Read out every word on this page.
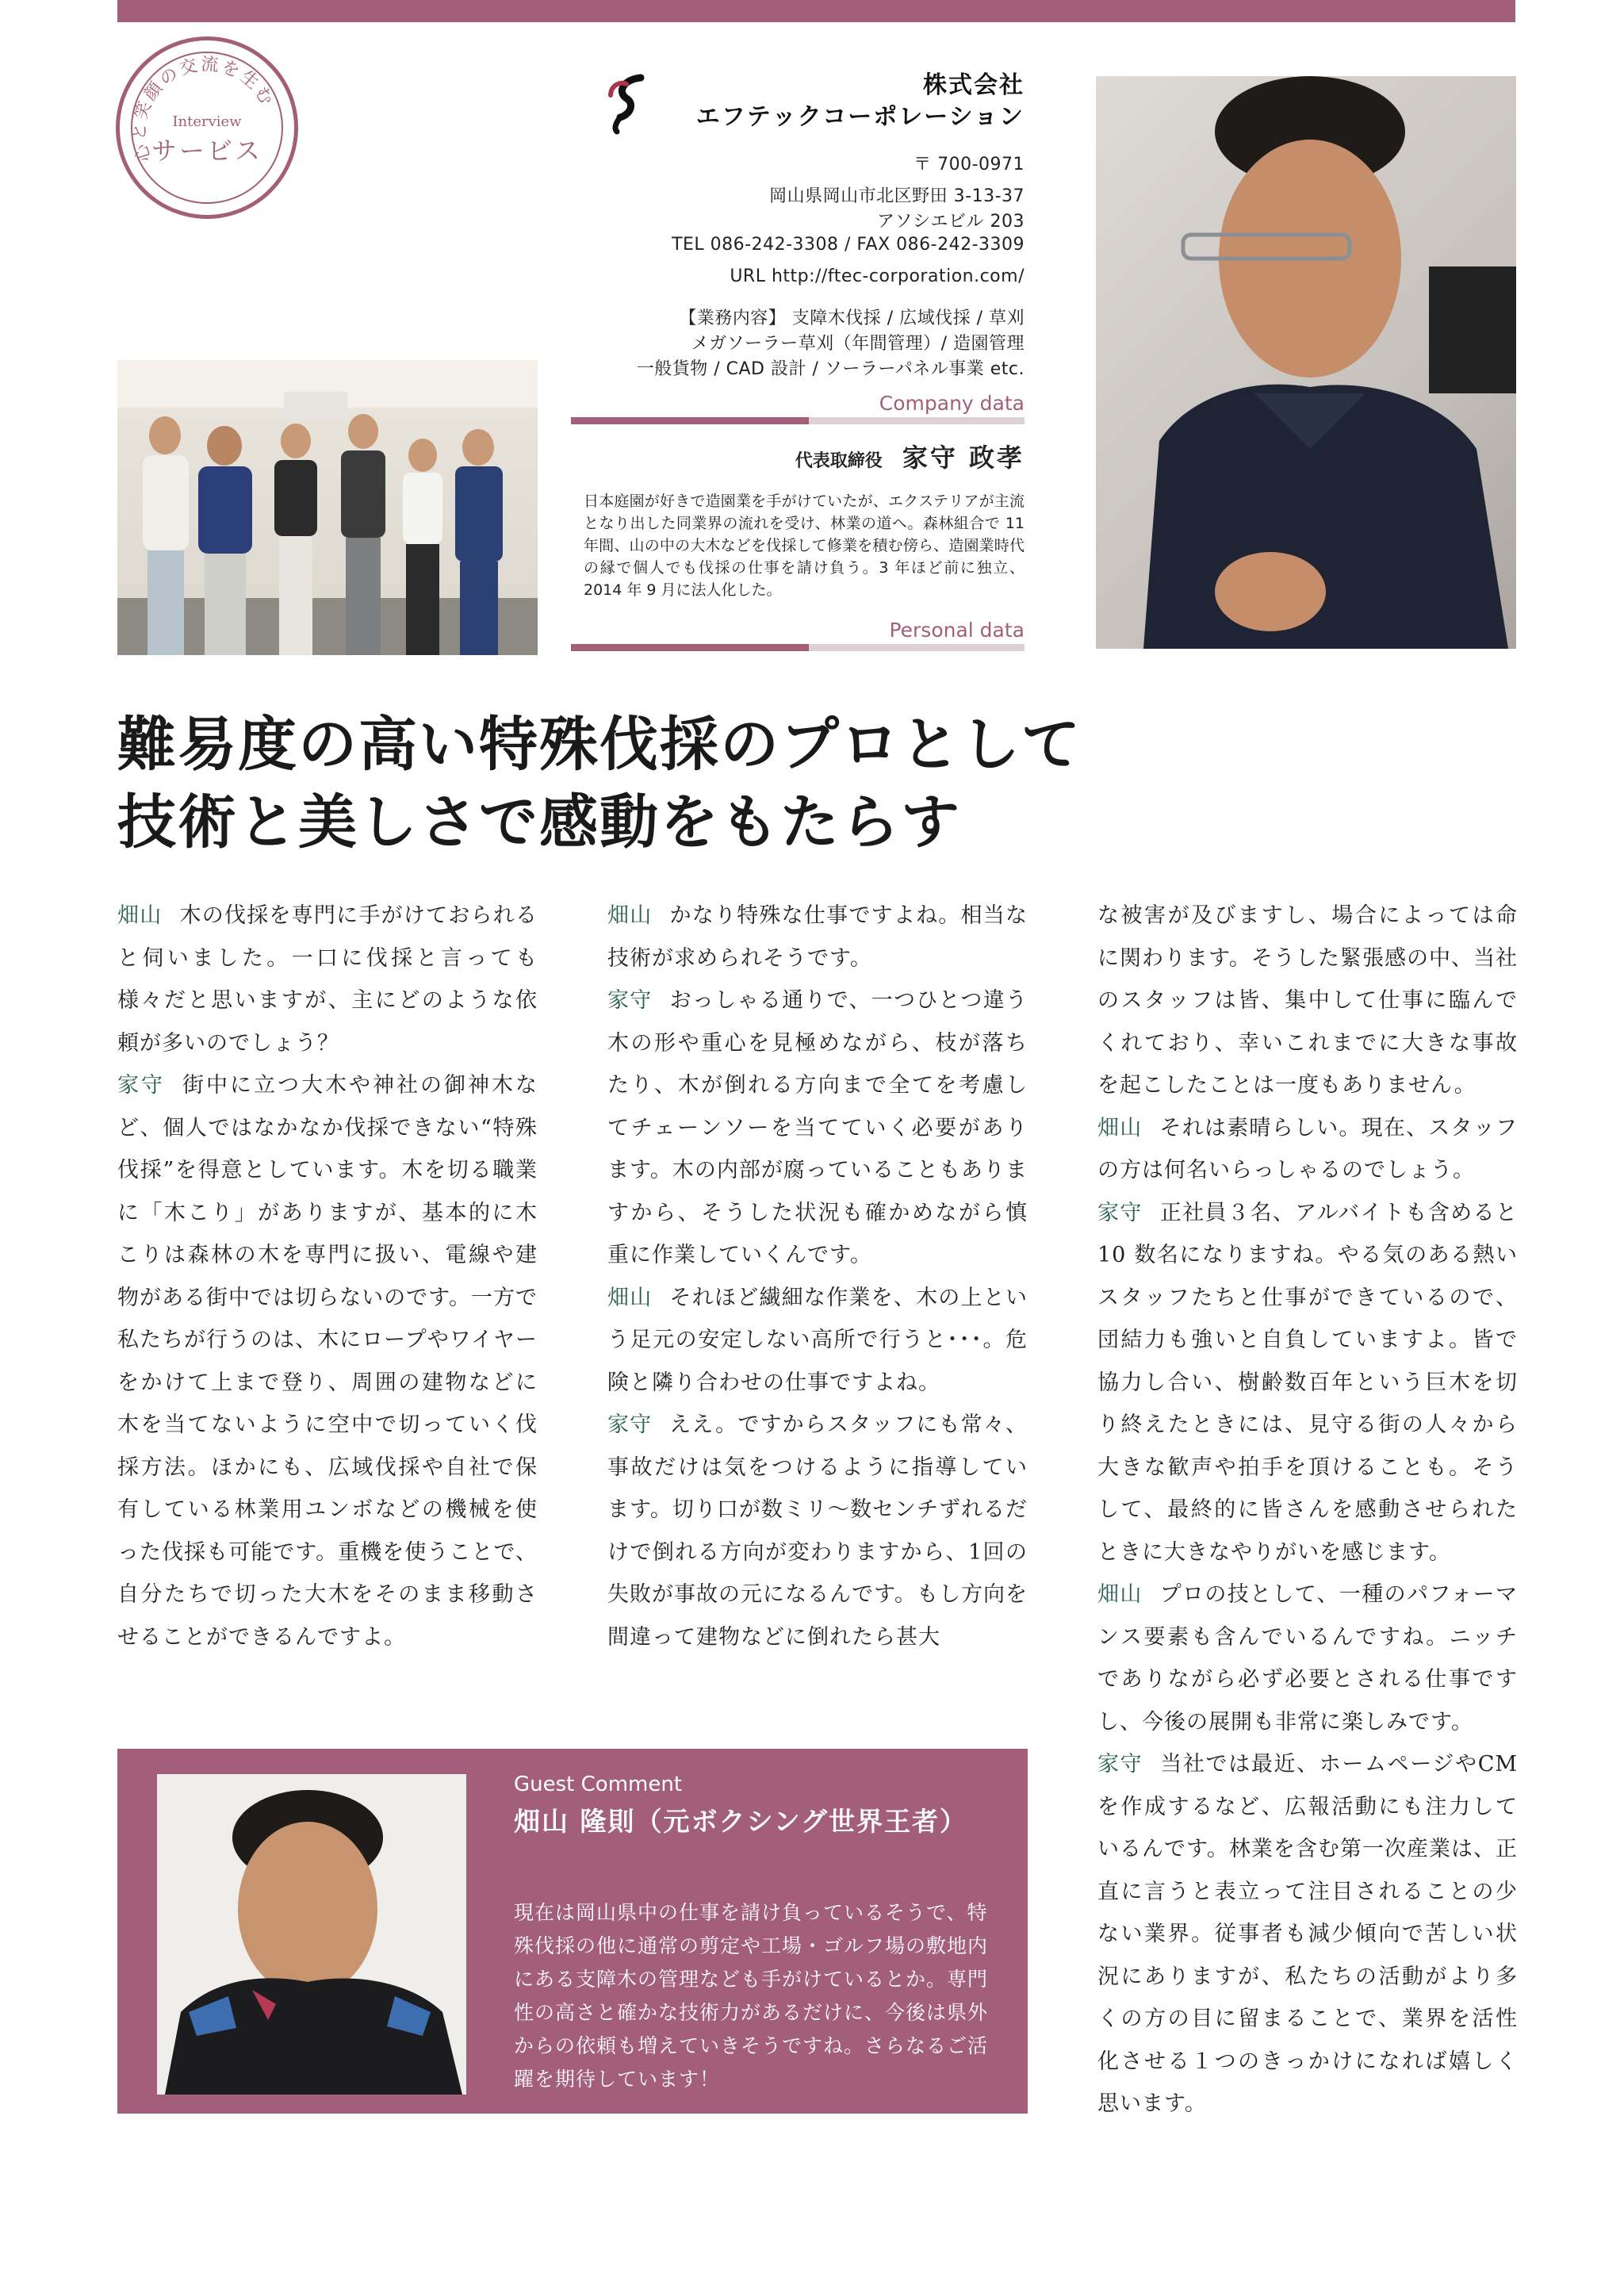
心と笑顔の交流を生む
Interview
サービス
株式会社
エフテックコーポレーション
〒 700-0971
岡山県岡山市北区野田 3-13-37
アソシエビル 203
TEL 086-242-3308 / FAX 086-242-3309
URL http://ftec-corporation.com/
【業務内容】 支障木伐採 / 広域伐採 / 草刈
メガソーラー草刈（年間管理）/ 造園管理
一般貨物 / CAD 設計 / ソーラーパネル事業 etc.
Company data
代表取締役 家守 政孝
日本庭園が好きで造園業を手がけていたが、エクステリアが主流となり出した同業界の流れを受け、林業の道へ。森林組合で 11 年間、山の中の大木などを伐採して修業を積む傍ら、造園業時代の縁で個人でも伐採の仕事を請け負う。3 年ほど前に独立、2014 年 9 月に法人化した。
Personal data
難易度の高い特殊伐採のプロとして
技術と美しさで感動をもたらす

畑山 木の伐採を専門に手がけておられると伺いました。一口に伐採と言っても様々だと思いますが、主にどのような依頼が多いのでしょう？

家守 街中に立つ大木や神社の御神木など、個人ではなかなか伐採できない“特殊伐採”を得意としています。木を切る職業に「木こり」がありますが、基本的に木こりは森林の木を専門に扱い、電線や建物がある街中では切らないのです。一方で私たちが行うのは、木にロープやワイヤーをかけて上まで登り、周囲の建物などに木を当てないように空中で切っていく伐採方法。ほかにも、広域伐採や自社で保有している林業用ユンボなどの機械を使った伐採も可能です。重機を使うことで、自分たちで切った大木をそのまま移動させることができるんですよ。

畑山 かなり特殊な仕事ですよね。相当な技術が求められそうです。

家守 おっしゃる通りで、一つひとつ違う木の形や重心を見極めながら、枝が落ちたり、木が倒れる方向まで全てを考慮してチェーンソーを当てていく必要があります。木の内部が腐っていることもありますから、そうした状況も確かめながら慎重に作業していくんです。

畑山 それほど繊細な作業を、木の上という足元の安定しない高所で行うと･･･。危険と隣り合わせの仕事ですよね。

家守 ええ。ですからスタッフにも常々、事故だけは気をつけるように指導しています。切り口が数ミリ〜数センチずれるだけで倒れる方向が変わりますから、1回の失敗が事故の元になるんです。もし方向を間違って建物などに倒れたら甚大

な被害が及びますし、場合によっては命に関わります。そうした緊張感の中、当社のスタッフは皆、集中して仕事に臨んでくれており、幸いこれまでに大きな事故を起こしたことは一度もありません。

畑山 それは素晴らしい。現在、スタッフの方は何名いらっしゃるのでしょう。

家守 正社員３名、アルバイトも含めると 10 数名になりますね。やる気のある熱いスタッフたちと仕事ができているので、団結力も強いと自負していますよ。皆で協力し合い、樹齢数百年という巨木を切り終えたときには、見守る街の人々から大きな歓声や拍手を頂けることも。そうして、最終的に皆さんを感動させられたときに大きなやりがいを感じます。

畑山 プロの技として、一種のパフォーマンス要素も含んでいるんですね。ニッチでありながら必ず必要とされる仕事ですし、今後の展開も非常に楽しみです。

家守 当社では最近、ホームページやCMを作成するなど、広報活動にも注力しているんです。林業を含む第一次産業は、正直に言うと表立って注目されることの少ない業界。従事者も減少傾向で苦しい状況にありますが、私たちの活動がより多くの方の目に留まることで、業界を活性化させる１つのきっかけになれば嬉しく思います。

Guest Comment
畑山 隆則（元ボクシング世界王者）
現在は岡山県中の仕事を請け負っているそうで、特殊伐採の他に通常の剪定や工場・ゴルフ場の敷地内にある支障木の管理なども手がけているとか。専門性の高さと確かな技術力があるだけに、今後は県外からの依頼も増えていきそうですね。さらなるご活躍を期待しています！
